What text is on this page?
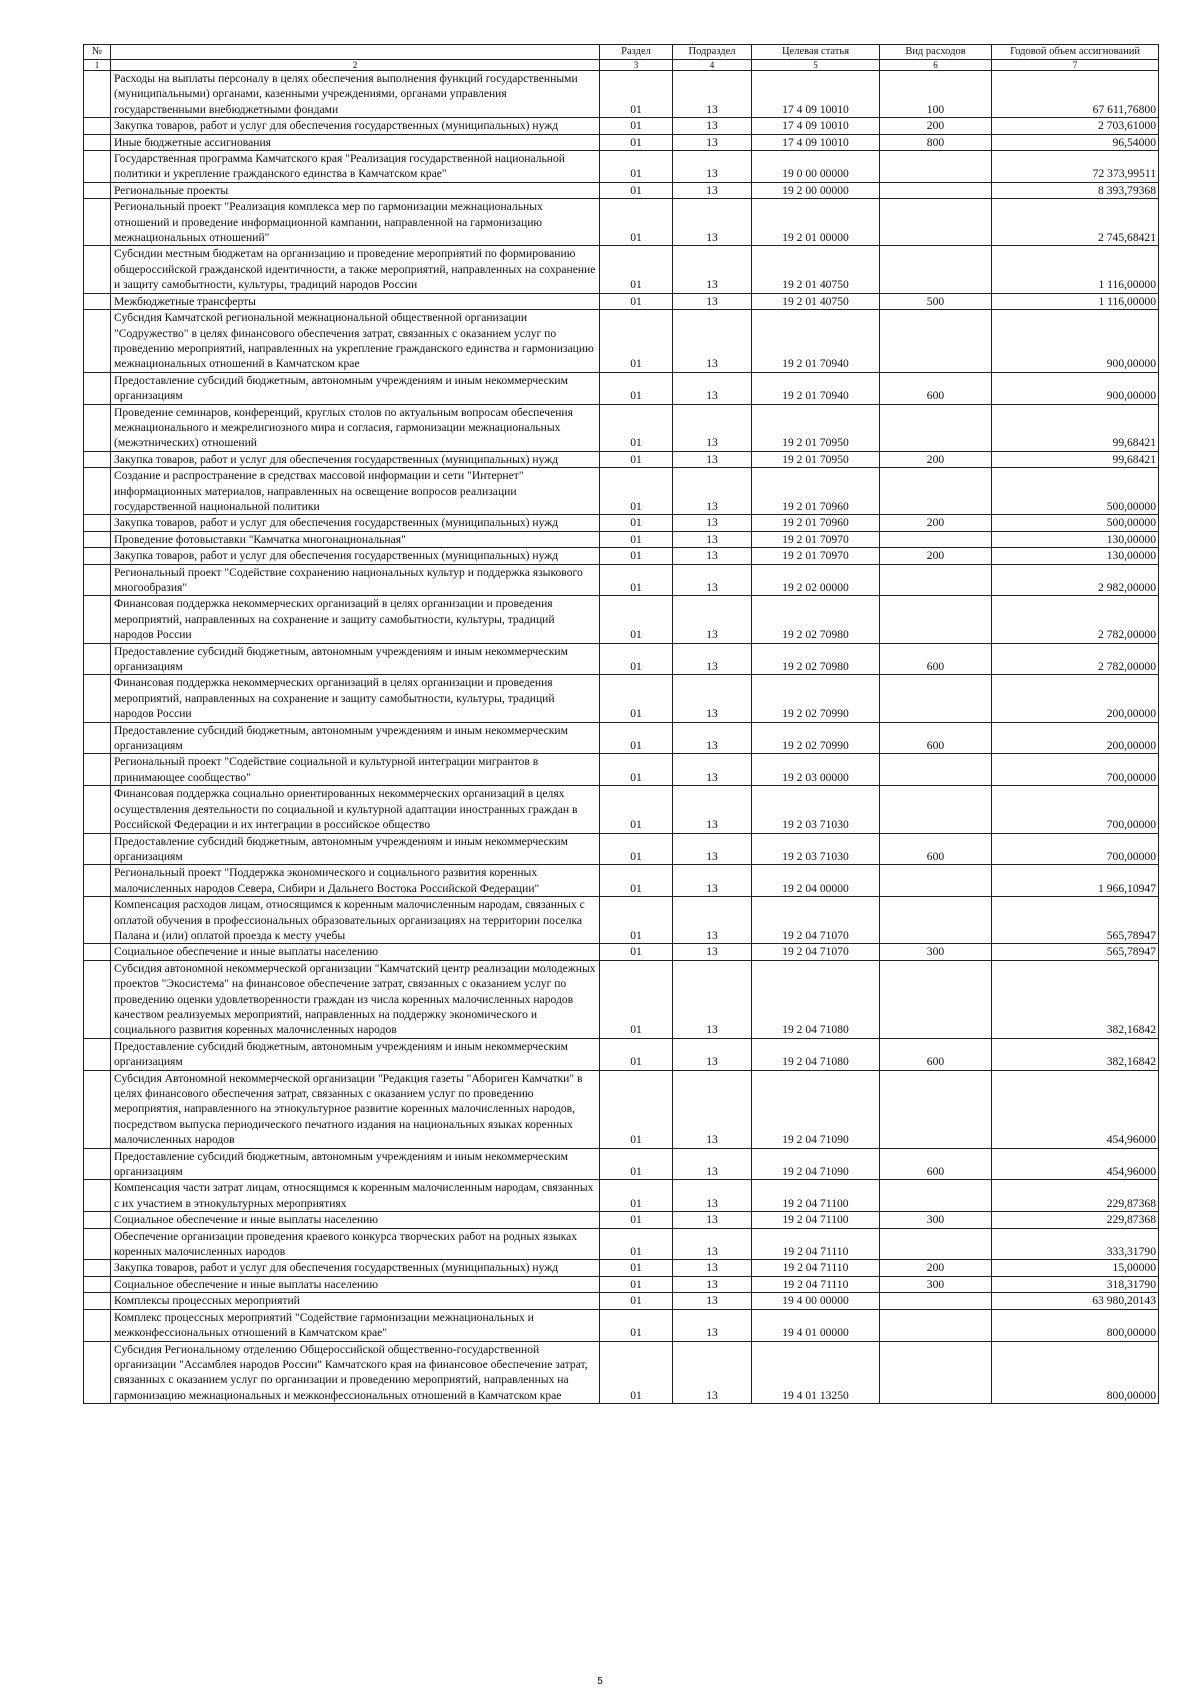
№		Раздел	Подраздел	Целевая статья	Вид расходов	Годовой объем ассигнований
1	2	3	4	5	6	7
	Расходы на выплаты персоналу в целях обеспечения выполнения функций государственными (муниципальными) органами, казенными учреждениями, органами управления государственными внебюджетными фондами	01	13	17 4 09 10010	100	67 611,76800
	Закупка товаров, работ и услуг для обеспечения государственных (муниципальных) нужд	01	13	17 4 09 10010	200	2 703,61000
	Иные бюджетные ассигнования	01	13	17 4 09 10010	800	96,54000
	Государственная программа Камчатского края "Реализация государственной национальной политики и укрепление гражданского единства в Камчатском крае"	01	13	19 0 00 00000		72 373,99511
	Региональные проекты	01	13	19 2 00 00000		8 393,79368
	Региональный проект "Реализация комплекса мер по гармонизации межнациональных отношений и проведение информационной кампании, направленной на гармонизацию межнациональных отношений"	01	13	19 2 01 00000		2 745,68421
	Субсидии местным бюджетам на организацию и проведение мероприятий по формированию общероссийской гражданской идентичности, а также мероприятий, направленных на сохранение и защиту самобытности, культуры, традиций народов России	01	13	19 2 01 40750		1 116,00000
	Межбюджетные трансферты	01	13	19 2 01 40750	500	1 116,00000
	Субсидия Камчатской региональной межнациональной общественной организации "Содружество" в целях финансового обеспечения затрат, связанных с оказанием услуг по проведению мероприятий, направленных на укрепление гражданского единства и гармонизацию межнациональных отношений в Камчатском крае	01	13	19 2 01 70940		900,00000
	Предоставление субсидий бюджетным, автономным учреждениям и иным некоммерческим организациям	01	13	19 2 01 70940	600	900,00000
	Проведение семинаров, конференций, круглых столов по актуальным вопросам обеспечения межнационального и межрелигиозного мира и согласия, гармонизации межнациональных (межэтнических) отношений	01	13	19 2 01 70950		99,68421
	Закупка товаров, работ и услуг для обеспечения государственных (муниципальных) нужд	01	13	19 2 01 70950	200	99,68421
	Создание и распространение в средствах массовой информации и сети "Интернет" информационных материалов, направленных на освещение вопросов реализации государственной национальной политики	01	13	19 2 01 70960		500,00000
	Закупка товаров, работ и услуг для обеспечения государственных (муниципальных) нужд	01	13	19 2 01 70960	200	500,00000
	Проведение фотовыставки "Камчатка многонациональная"	01	13	19 2 01 70970		130,00000
	Закупка товаров, работ и услуг для обеспечения государственных (муниципальных) нужд	01	13	19 2 01 70970	200	130,00000
	Региональный проект "Содействие сохранению национальных культур и поддержка языкового многообразия"	01	13	19 2 02 00000		2 982,00000
	Финансовая поддержка некоммерческих организаций в целях организации и проведения мероприятий, направленных на сохранение и защиту самобытности, культуры, традиций народов России	01	13	19 2 02 70980		2 782,00000
	Предоставление субсидий бюджетным, автономным учреждениям и иным некоммерческим организациям	01	13	19 2 02 70980	600	2 782,00000
	Финансовая поддержка некоммерческих организаций в целях организации и проведения мероприятий, направленных на сохранение и защиту самобытности, культуры, традиций народов России	01	13	19 2 02 70990		200,00000
	Предоставление субсидий бюджетным, автономным учреждениям и иным некоммерческим организациям	01	13	19 2 02 70990	600	200,00000
	Региональный проект "Содействие социальной и культурной интеграции мигрантов в принимающее сообщество"	01	13	19 2 03 00000		700,00000
	Финансовая поддержка социально ориентированных некоммерческих организаций в целях осуществления деятельности по социальной и культурной адаптации иностранных граждан в Российской Федерации и их интеграции в российское общество	01	13	19 2 03 71030		700,00000
	Предоставление субсидий бюджетным, автономным учреждениям и иным некоммерческим организациям	01	13	19 2 03 71030	600	700,00000
	Региональный проект "Поддержка экономического и социального развития коренных малочисленных народов Севера, Сибири и Дальнего Востока Российской Федерации"	01	13	19 2 04 00000		1 966,10947
	Компенсация расходов лицам, относящимся к коренным малочисленным народам, связанных с оплатой обучения в профессиональных образовательных организациях на территории поселка Палана и (или) оплатой проезда к месту учебы	01	13	19 2 04 71070		565,78947
	Социальное обеспечение и иные выплаты населению	01	13	19 2 04 71070	300	565,78947
	Субсидия автономной некоммерческой организации "Камчатский центр реализации молодежных проектов "Экосистема" на финансовое обеспечение затрат, связанных с оказанием услуг по проведению оценки удовлетворенности граждан из числа коренных малочисленных народов качеством реализуемых мероприятий, направленных на поддержку экономического и социального развития коренных малочисленных народов	01	13	19 2 04 71080		382,16842
	Предоставление субсидий бюджетным, автономным учреждениям и иным некоммерческим организациям	01	13	19 2 04 71080	600	382,16842
	Субсидия Автономной некоммерческой организации "Редакция газеты "Абориген Камчатки" в целях финансового обеспечения затрат, связанных с оказанием услуг по проведению мероприятия, направленного на этнокультурное развитие коренных малочисленных народов, посредством выпуска периодического печатного издания на национальных языках коренных малочисленных народов	01	13	19 2 04 71090		454,96000
	Предоставление субсидий бюджетным, автономным учреждениям и иным некоммерческим организациям	01	13	19 2 04 71090	600	454,96000
	Компенсация части затрат лицам, относящимся к коренным малочисленным народам, связанных с их участием в этнокультурных мероприятиях	01	13	19 2 04 71100		229,87368
	Социальное обеспечение и иные выплаты населению	01	13	19 2 04 71100	300	229,87368
	Обеспечение организации проведения краевого конкурса творческих работ на родных языках коренных малочисленных народов	01	13	19 2 04 71110		333,31790
	Закупка товаров, работ и услуг для обеспечения государственных (муниципальных) нужд	01	13	19 2 04 71110	200	15,00000
	Социальное обеспечение и иные выплаты населению	01	13	19 2 04 71110	300	318,31790
	Комплексы процессных мероприятий	01	13	19 4 00 00000		63 980,20143
	Комплекс процессных мероприятий "Содействие гармонизации межнациональных и межконфессиональных отношений в Камчатском крае"	01	13	19 4 01 00000		800,00000
	Субсидия Региональному отделению Общероссийской общественно-государственной организации "Ассамблея народов России" Камчатского края на финансовое обеспечение затрат, связанных с оказанием услуг по организации и проведению мероприятий, направленных на гармонизацию межнациональных и межконфессиональных отношений в Камчатском крае	01	13	19 4 01 13250		800,00000
5
